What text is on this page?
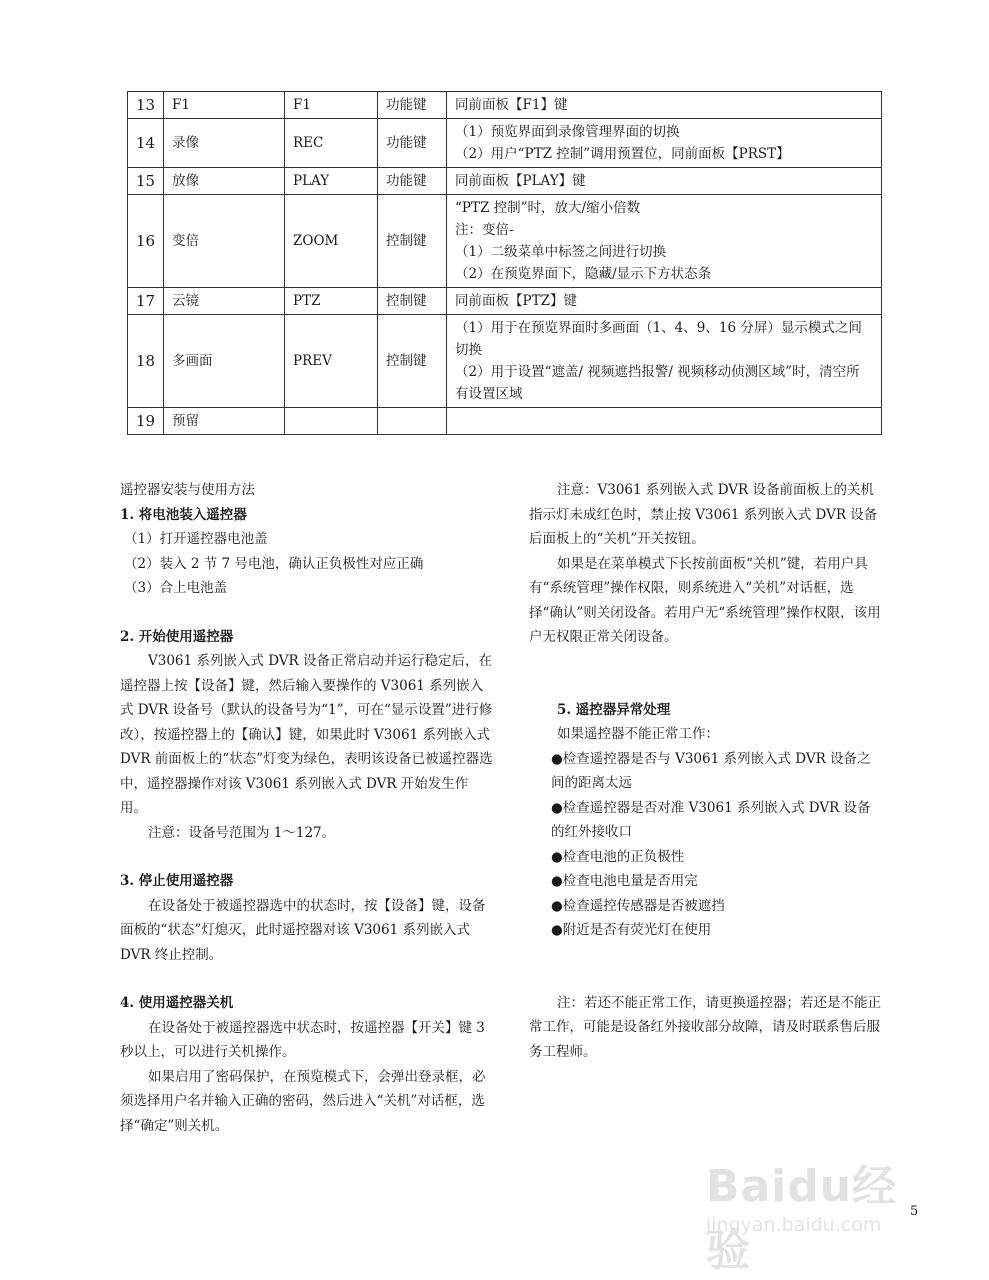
13	F1	F1	功能键	同前面板【F1】键

14	录像	REC	功能键	（1）预览界面到录像管理界面的切换
（2）用户“PTZ 控制”调用预置位，同前面板【PRST】

15	放像	PLAY	功能键	同前面板【PLAY】键

16	变倍	ZOOM	控制键	“PTZ 控制”时，放大/缩小倍数
注：变倍-
（1）二级菜单中标签之间进行切换
（2）在预览界面下，隐藏/显示下方状态条

17	云镜	PTZ	控制键	同前面板【PTZ】键

18	多画面	PREV	控制键	（1）用于在预览界面时多画面（1、4、9、16 分屏）显示模式之间切换
（2）用于设置“遮盖/ 视频遮挡报警/ 视频移动侦测区域”时，清空所有设置区域

19	预留			

遥控器安装与使用方法

1. 将电池装入遥控器

（1）打开遥控器电池盖

（2）装入 2 节 7 号电池，确认正负极性对应正确

（3）合上电池盖

2. 开始使用遥控器

V3061 系列嵌入式 DVR 设备正常启动并运行稳定后，在遥控器上按【设备】键，然后输入要操作的 V3061 系列嵌入式 DVR 设备号（默认的设备号为“1”，可在“显示设置”进行修改），按遥控器上的【确认】键，如果此时 V3061 系列嵌入式 DVR 前面板上的“状态”灯变为绿色，表明该设备已被遥控器选中，遥控器操作对该 V3061 系列嵌入式 DVR 开始发生作用。

注意：设备号范围为 1～127。

3. 停止使用遥控器

在设备处于被遥控器选中的状态时，按【设备】键，设备面板的“状态”灯熄灭，此时遥控器对该 V3061 系列嵌入式 DVR 终止控制。

4. 使用遥控器关机

在设备处于被遥控器选中状态时，按遥控器【开关】键 3 秒以上，可以进行关机操作。

如果启用了密码保护，在预览模式下，会弹出登录框，必须选择用户名并输入正确的密码，然后进入“关机”对话框，选择“确定”则关机。

注意：V3061 系列嵌入式 DVR 设备前面板上的关机指示灯未成红色时，禁止按 V3061 系列嵌入式 DVR 设备后面板上的“关机”开关按钮。

如果是在菜单模式下长按前面板“关机”键，若用户具有“系统管理”操作权限，则系统进入“关机”对话框，选择“确认”则关闭设备。若用户无“系统管理”操作权限，该用户无权限正常关闭设备。

5. 遥控器异常处理

如果遥控器不能正常工作：

●检查遥控器是否与 V3061 系列嵌入式 DVR 设备之间的距离太远

●检查遥控器是否对准 V3061 系列嵌入式 DVR 设备的红外接收口

●检查电池的正负极性

●检查电池电量是否用完

●检查遥控传感器是否被遮挡

●附近是否有荧光灯在使用

注：若还不能正常工作，请更换遥控器；若还是不能正常工作，可能是设备红外接收部分故障，请及时联系售后服务工程师。

5
Baidu经验
jingyan.baidu.com
